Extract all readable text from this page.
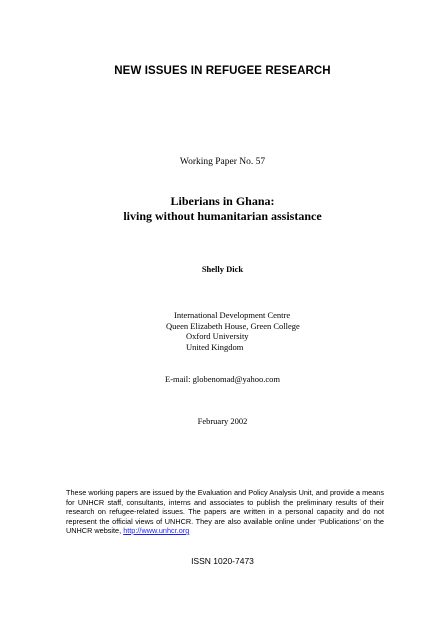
NEW ISSUES IN REFUGEE RESEARCH
Working Paper No. 57
Liberians in Ghana:
living without humanitarian assistance
Shelly Dick
International Development Centre
Queen Elizabeth House, Green College
Oxford University
United Kingdom
E-mail: globenomad@yahoo.com
February 2002
These working papers are issued by the Evaluation and Policy Analysis Unit, and provide a means for UNHCR staff, consultants, interns and associates to publish the preliminary results of their research on refugee-related issues. The papers are written in a personal capacity and do not represent the official views of UNHCR. They are also available online under ‘Publications’ on the UNHCR website, http://www.unhcr.org
ISSN 1020-7473
